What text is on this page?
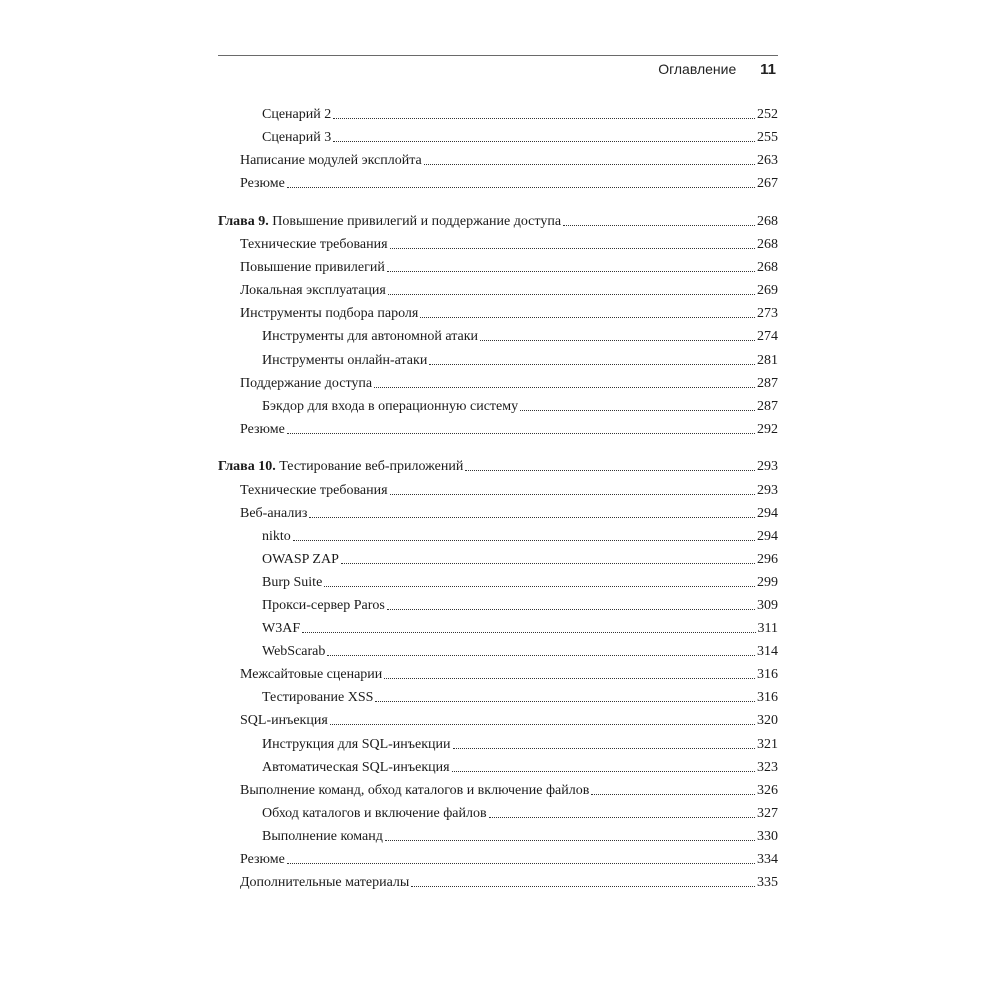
Оглавление 11
Сценарий 2	252
Сценарий 3	255
Написание модулей эксплойта	263
Резюме	267
Глава 9. Повышение привилегий и поддержание доступа	268
Технические требования	268
Повышение привилегий	268
Локальная эксплуатация	269
Инструменты подбора пароля	273
Инструменты для автономной атаки	274
Инструменты онлайн-атаки	281
Поддержание доступа	287
Бэкдор для входа в операционную систему	287
Резюме	292
Глава 10. Тестирование веб-приложений	293
Технические требования	293
Веб-анализ	294
nikto	294
OWASP ZAP	296
Burp Suite	299
Прокси-сервер Paros	309
W3AF	311
WebScarab	314
Межсайтовые сценарии	316
Тестирование XSS	316
SQL-инъекция	320
Инструкция для SQL-инъекции	321
Автоматическая SQL-инъекция	323
Выполнение команд, обход каталогов и включение файлов	326
Обход каталогов и включение файлов	327
Выполнение команд	330
Резюме	334
Дополнительные материалы	335
